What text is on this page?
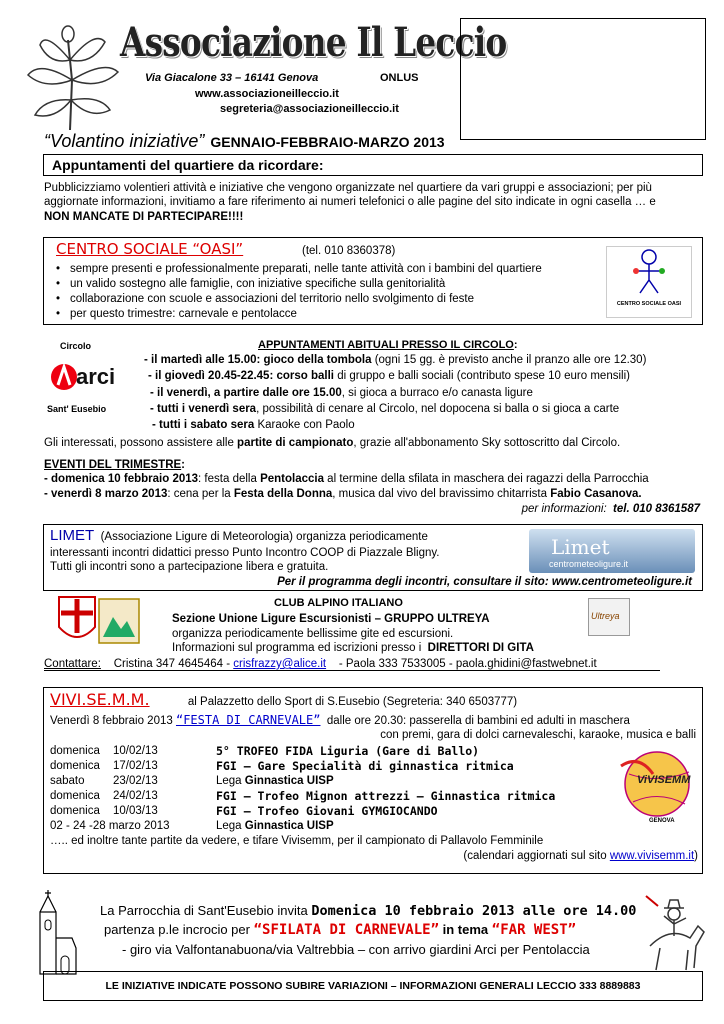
Associazione Il Leccio
Via Giacalone 33 – 16141 Genova	ONLUS
www.associazioneilleccio.it
segreteria@associazioneilleccio.it
“Volantino iniziative” GENNAIO-FEBBRAIO-MARZO 2013
Appuntamenti del quartiere da ricordare:
Pubblicizziamo volentieri attività e iniziative che vengono organizzate nel quartiere da vari gruppi e associazioni; per più aggiornate informazioni, invitiamo a fare riferimento ai numeri telefonici o alle pagine del sito indicate in ogni casella … e
NON MANCATE DI PARTECIPARE!!!!
CENTRO SOCIALE “OASI”	(tel. 010 8360378)
• sempre presenti e professionalmente preparati, nelle tante attività con i bambini del quartiere
• un valido sostegno alle famiglie, con iniziative specifiche sulla genitorialità
• collaborazione con scuole e associazioni del territorio nello svolgimento di feste
• per questo trimestre: carnevale e pentolacce
CENTRO SOCIALE OASI
Circolo
arci
Sant' Eusebio
APPUNTAMENTI ABITUALI PRESSO IL CIRCOLO:
- il martedì alle 15.00: gioco della tombola (ogni 15 gg. è previsto anche il pranzo alle ore 12.30)
- il giovedì 20.45-22.45: corso balli di gruppo e balli sociali (contributo spese 10 euro mensili)
- il venerdì, a partire dalle ore 15.00, si gioca a burraco e/o canasta ligure
- tutti i venerdì sera, possibilità di cenare al Circolo, nel dopocena si balla o si gioca a carte
- tutti i sabato sera Karaoke con Paolo
Gli interessati, possono assistere alle partite di campionato, grazie all'abbonamento Sky sottoscritto dal Circolo.
EVENTI DEL TRIMESTRE:
- domenica 10 febbraio 2013: festa della Pentolaccia al termine della sfilata in maschera dei ragazzi della Parrocchia
- venerdì 8 marzo 2013: cena per la Festa della Donna, musica dal vivo del bravissimo chitarrista Fabio Casanova.
per informazioni: tel. 010 8361587
LIMET (Associazione Ligure di Meteorologia) organizza periodicamente
interessanti incontri didattici presso Punto Incontro COOP di Piazzale Bligny.
Tutti gli incontri sono a partecipazione libera e gratuita.
Per il programma degli incontri, consultare il sito: www.centrometeoligure.it
Limet
centrometeoligure.it
CLUB ALPINO ITALIANO
Sezione Unione Ligure Escursionisti – GRUPPO ULTREYA
organizza periodicamente bellissime gite ed escursioni.
Informazioni sul programma ed iscrizioni presso i DIRETTORI DI GITA
Ultreya
Contattare: Cristina 347 4645464 - crisfrazzy@alice.it - Paola 333 7533005 - paola.ghidini@fastwebnet.it
VIVI.SE.M.M.	al Palazzetto dello Sport di S.Eusebio (Segreteria: 340 6503777)
Venerdì 8 febbraio 2013 “FESTA DI CARNEVALE” dalle ore 20.30: passerella di bambini ed adulti in maschera
con premi, gara di dolci carnevaleschi, karaoke, musica e balli
domenica	10/02/13	5° TROFEO FIDA Liguria (Gare di Ballo)
domenica	17/02/13	FGI – Gare Specialità di ginnastica ritmica
sabato	23/02/13	Lega Ginnastica UISP
domenica	24/02/13	FGI – Trofeo Mignon attrezzi – Ginnastica ritmica
domenica	10/03/13	FGI – Trofeo Giovani GYMGIOCANDO
02 - 24 -28 marzo 2013	Lega Ginnastica UISP
….. ed inoltre tante partite da vedere, e tifare Vivisemm, per il campionato di Pallavolo Femminile
(calendari aggiornati sul sito www.vivisemm.it)
ViVISEMM
GENOVA
La Parrocchia di Sant'Eusebio invita Domenica 10 febbraio 2013 alle ore 14.00
partenza p.le incrocio per “SFILATA DI CARNEVALE” in tema “FAR WEST”
- giro via Valfontanabuona/via Valtrebbia – con arrivo giardini Arci per Pentolaccia
LE INIZIATIVE INDICATE POSSONO SUBIRE VARIAZIONI – INFORMAZIONI GENERALI LECCIO 333 8889883
